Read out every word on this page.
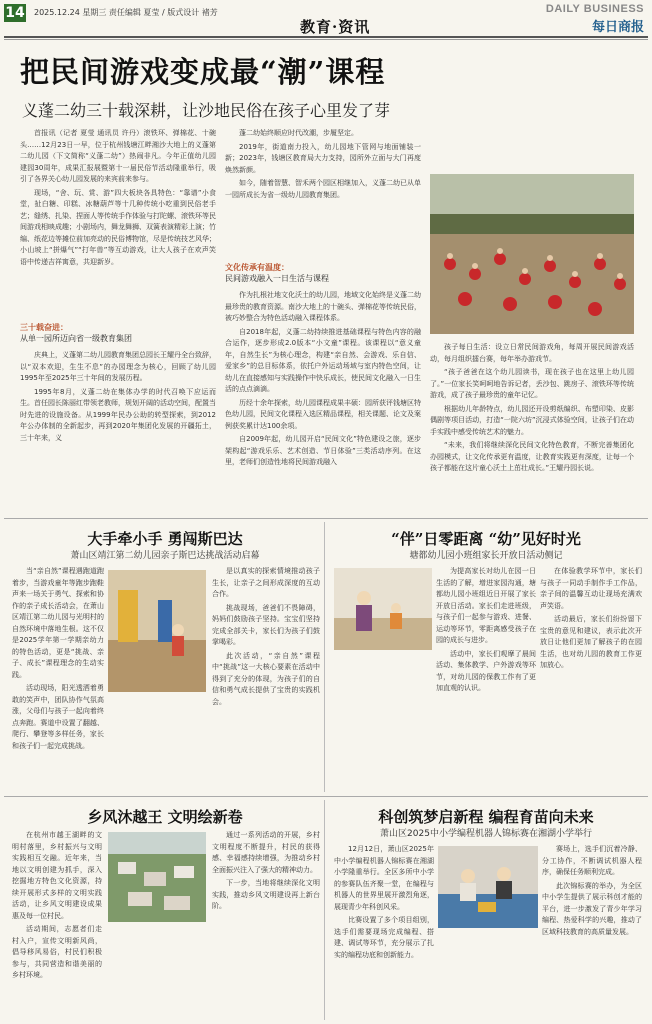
14 2025.12.24 星期三 责任编辑 夏莹 / 版式设计 褚芳
教育·资讯
DAILY BUSINESS
每日商报
把民间游戏变成最“潮”课程
义蓬二幼三十载深耕，让沙地民俗在孩子心里发了芽

首报讯（记者 夏莹 通讯员 许丹）滚铁环、弹棉花、十碗头……12月23日一早，位于杭州钱塘江畔湘沙大地上的义蓬第二幼儿园（下文简称“义蓬二幼”）热闹非凡。今年正值幼儿园建园30周年，成果汇报展暨第十一届民俗节活动隆重举行，吸引了各界关心幼儿园发展的来宾前来参与。

现场，“舍、玩、赏、游”四大板块各具特色：“靠谱”小食堂，扯白糖、印糕、冰糖葫芦等十几种传统小吃重到民俗老手艺；缝绣、扎染、捏面人等传统手作体验与打陀螺、滚铁环等民间游戏相映成趣；小剧场内，舞龙舞狮、双簧表演精彩上演；竹编、纸花边等摊位前加亮动的民俗博物馆，尽是传统技艺风华；小山坡上“拼爆气”“打年兽”等互动游戏，让大人孩子在欢声笑语中传递吉祥寓意，共迎新岁。

三十载奋进：
从单一园所迈向省一级教育集团

庆典上，义蓬第二幼儿园教育集团总园长王耀丹全台致辞，以“双本欢迎，生生不息”的办园理念为核心，回顾了幼儿园1995年至2025年三十年间的发展历程。

1995年8月，义蓬二幼在集体办学的时代召唤下应运而生。首任园长陈丽红带领老教师，规划开阔的活动空间，配置当时先进的设施设备。从1999年民办公助的转型探索，到2012年公办体制的全新起步，再到2020年集团化发展的开疆拓土，三十年来，义

蓬二幼始终顺应时代改潮，步履坚定。

2019年，街道南力投入，幼儿园地下管网与地面铺装一新；2023年，钱塘区教育局大力支持，园所外立面与大门再度焕然新颜。

如今，随着智慧、智禾两个园区相继加入，义蓬二幼已从单一园所成长为省一级幼儿园教育集团。

文化传承有温度：
民间游戏融入一日生活与课程

作为扎根社地文化沃土的幼儿园，地域文化始终是义蓬二幼最珍贵的教育资源。南沙大地上的十碗头、弹棉花等传统民俗，被巧妙整合为特色活动融入课程体系。

自2018年起，义蓬二幼持续推进基础课程与特色内容的融合运作，逐步形成2.0版本“小文童”课程。该课程以“意义童年，自然生长”为核心理念，构建“亲自然、会游戏、乐自信、爱家乡”的总目标体系，依托户外运动场域与室内特色空间，让幼儿在直接感知与实践操作中快乐成长，使民间文化融入一日生活的点点滴滴。

历经十余年探索，幼儿园课程成果丰硕：园所获评钱塘区特色幼儿园，民间文化课程入选区精品课程，相关课题、论文及案例获奖累计达100余项。

自2009年起，幼儿园开启“民间文化”特色建设之旅，逐步架构起“游戏乐乐、艺术创造、节日体验”三类活动序列。在这里，老师们创造性地将民间游戏融入

孩子每日生活：设立日常民间游戏角，每周开展民间游戏活动，每月组织擂台赛，每年举办游戏节。

“孩子爸爸在这个幼儿园读书，现在孩子也在这里上幼儿园了。”一位家长笑呵呵地告诉记者，丢沙包、跳房子、滚铁环等传统游戏，成了孩子最珍贵的童年记忆。

根据幼儿年龄特点，幼儿园还开设剪纸编织、布塑印染、皮影偶剧等项目活动，打造“一院六坊”沉浸式体验空间，让孩子们在动手实践中感受传统艺术的魅力。

“未来，我们将继续深化民间文化特色教育，不断完善集团化办园模式，让文化传承更有温度，让教育实践更有深度，让每一个孩子都能在这片童心沃土上茁壮成长。”王耀丹园长说。

大手牵小手 勇闯斯巴达
萧山区靖江第二幼儿园亲子斯巴达挑战活动启幕

当“亲自然”课程遇跑道跑着步，当游戏童年等跑步跑鞋声来一场关于勇气、探索和协作的亲子成长活动会，在萧山区靖江第二幼儿园与光明村的自然环境中落地生根。这不仅是2025学年第一学期亲幼力的特色活动，更是“挑战、亲子、成长”课程理念的生动实践。

活动现场，阳光透洒着勇敢的笑声中，团队协作气氛高涨，父母们与孩子一起向着终点奔跑。赛道中设置了翻越、爬行、攀登等多样任务，家长和孩子们一起完成挑战。

是以真实的探索情境推动孩子生长，让亲子之间形成深度的互动合作。

挑战现场，爸爸们不畏障碍，妈妈们鼓励孩子坚持。宝宝们坚持完成全部关卡，家长们为孩子们鼓掌喝彩。

此次活动，“亲自然”课程中“挑战”这一大核心要素在活动中得到了充分的体现，为孩子们的自信和勇气成长提供了宝贵的实践机会。

“伴”日零距离 “幼”见好时光
塘都幼儿园小班组家长开放日活动侧记

为提高家长对幼儿在园一日生活的了解，增进家园沟通，塘都幼儿园小班组近日开展了家长开放日活动。家长们走进班级，与孩子们一起参与游戏、进餐、运动等环节，零距离感受孩子在园的成长与进步。

活动中，家长们观摩了晨间活动、集体教学、户外游戏等环节，对幼儿园的保教工作有了更加直观的认识。

在体验教学环节中，家长们与孩子一同动手制作手工作品，亲子间的温馨互动让现场充满欢声笑语。

活动最后，家长们纷纷留下宝贵的意见和建议，表示此次开放日让他们更加了解孩子的在园生活，也对幼儿园的教育工作更加放心。

乡风沐越王 文明绘新卷

在杭州市越王湖畔的文明村落里，乡村振兴与文明实践相互交融。近年来，当地以文明创建为抓手，深入挖掘地方特色文化资源，持续开展形式多样的文明实践活动，让乡风文明建设成果惠及每一位村民。

活动期间，志愿者们走村入户，宣传文明新风尚，倡导移风易俗，村民们积极参与，共同营造和谐美丽的乡村环境。

通过一系列活动的开展，乡村文明程度不断提升，村民的获得感、幸福感持续增强，为推动乡村全面振兴注入了强大的精神动力。

下一步，当地将继续深化文明实践，推动乡风文明建设再上新台阶。

科创筑梦启新程 编程育苗向未来
萧山区2025中小学编程机器人锦标赛在湘湖小学举行

12月12日，萧山区2025年中小学编程机器人锦标赛在湘湖小学隆重举行。全区多所中小学的参赛队伍齐聚一堂，在编程与机器人的世界里展开激烈角逐，展现青少年科创风采。

比赛设置了多个项目组别，选手们需要现场完成编程、搭建、调试等环节，充分展示了扎实的编程功底和创新能力。

赛场上，选手们沉着冷静、分工协作，不断调试机器人程序，确保任务顺利完成。

此次锦标赛的举办，为全区中小学生提供了展示科创才能的平台，进一步激发了青少年学习编程、热爱科学的兴趣，推动了区域科技教育的高质量发展。
